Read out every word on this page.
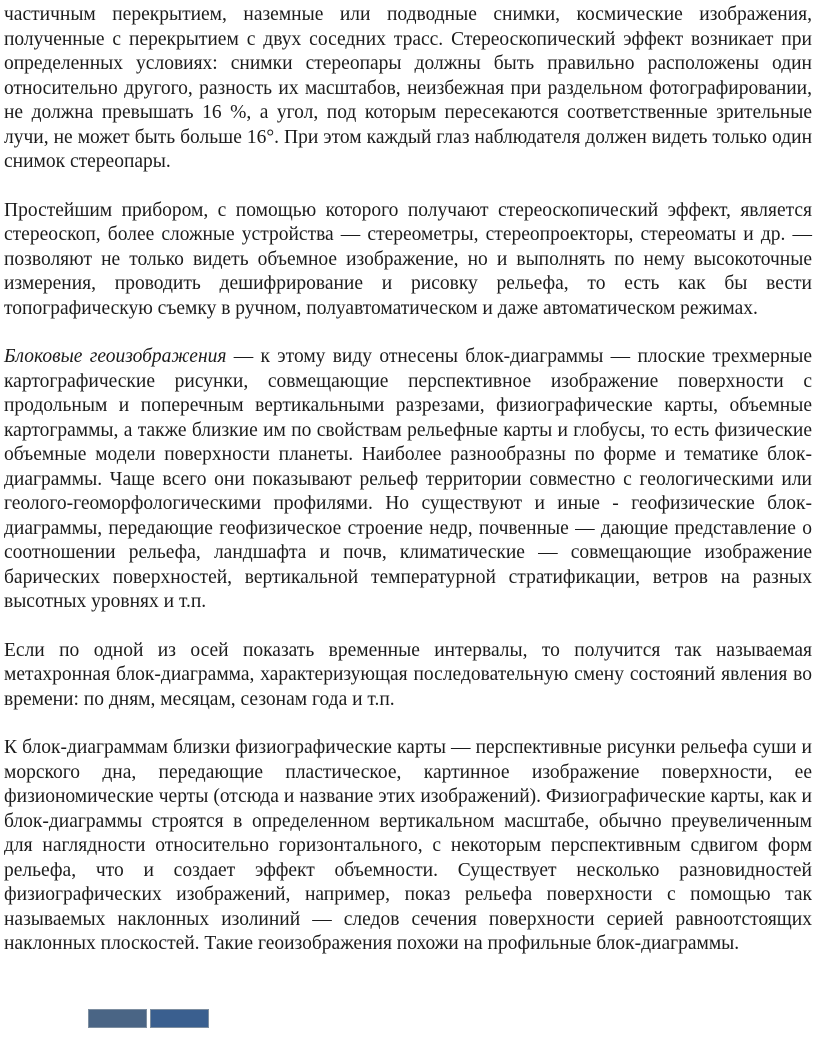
частичным перекрытием, наземные или подводные снимки, космические изображения, полученные с перекрытием с двух соседних трасс. Стереоскопический эффект возникает при определенных условиях: снимки стереопары должны быть правильно расположены один относительно другого, разность их масштабов, неизбежная при раздельном фотографировании, не должна превышать 16 %, а угол, под которым пересекаются соответственные зрительные лучи, не может быть больше 16°. При этом каждый глаз наблюдателя должен видеть только один снимок стереопары.

Простейшим прибором, с помощью которого получают стереоскопический эффект, является стереоскоп, более сложные устройства — стереометры, стереопроекторы, стереоматы и др. — позволяют не только видеть объемное изображение, но и выполнять по нему высокоточные измерения, проводить дешифрирование и рисовку рельефа, то есть как бы вести топографическую съемку в ручном, полуавтоматическом и даже автоматическом режимах.

Блоковые геоизображения — к этому виду отнесены блок-диаграммы — плоские трехмерные картографические рисунки, совмещающие перспективное изображение поверхности с продольным и поперечным вертикальными разрезами, физиографические карты, объемные картограммы, а также близкие им по свойствам рельефные карты и глобусы, то есть физические объемные модели поверхности планеты. Наиболее разнообразны по форме и тематике блок-диаграммы. Чаще всего они показывают рельеф территории совместно с геологическими или геолого-геоморфологическими профилями. Но существуют и иные - геофизические блок-диаграммы, передающие геофизическое строение недр, почвенные — дающие представление о соотношении рельефа, ландшафта и почв, климатические — совмещающие изображение барических поверхностей, вертикальной температурной стратификации, ветров на разных высотных уровнях и т.п.

Если по одной из осей показать временные интервалы, то получится так называемая метахронная блок-диаграмма, характеризующая последовательную смену состояний явления во времени: по дням, месяцам, сезонам года и т.п.

К блок-диаграммам близки физиографические карты — перспективные рисунки рельефа суши и морского дна, передающие пластическое, картинное изображение поверхности, ее физиономические черты (отсюда и название этих изображений). Физиографические карты, как и блок-диаграммы строятся в определенном вертикальном масштабе, обычно преувеличенным для наглядности относительно горизонтального, с некоторым перспективным сдвигом форм рельефа, что и создает эффект объемности. Существует несколько разновидностей физиографических изображений, например, показ рельефа поверхности с помощью так называемых наклонных изолиний — следов сечения поверхности серией равноотстоящих наклонных плоскостей. Такие геоизображения похожи на профильные блок-диаграммы.
